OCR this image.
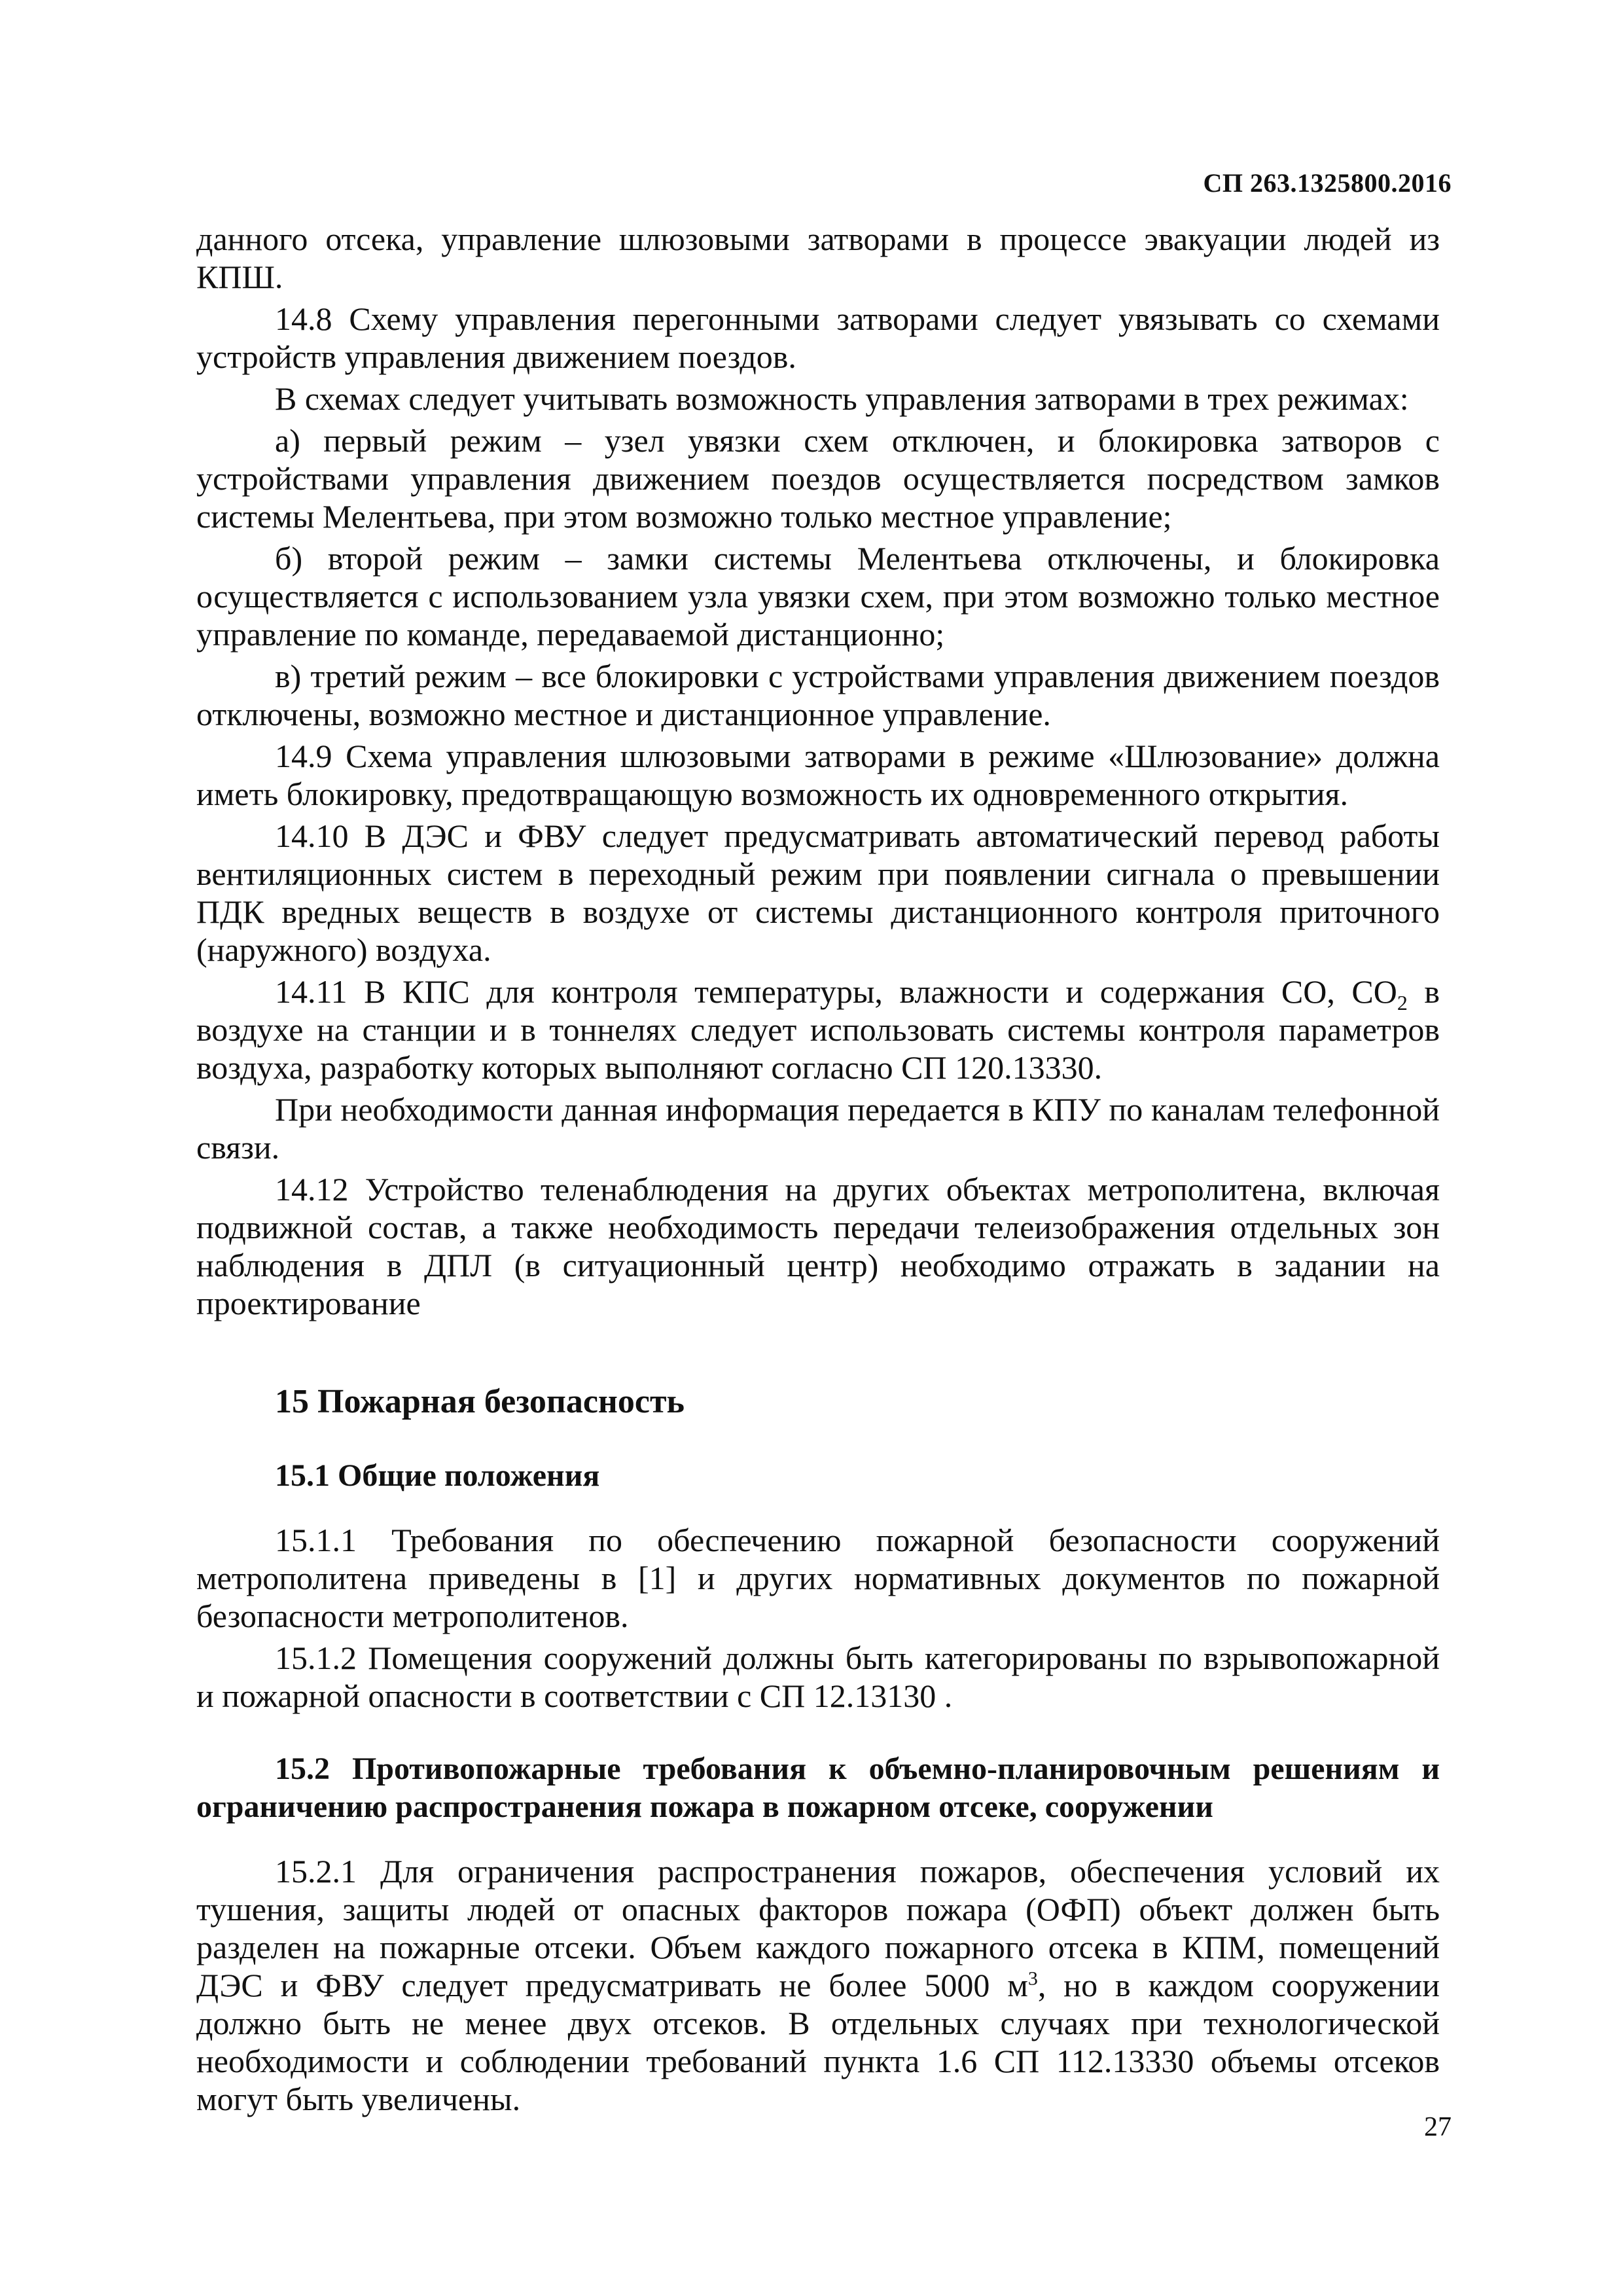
СП 263.1325800.2016

данного отсека, управление шлюзовыми затворами в процессе эвакуации людей из КПШ.

14.8 Схему управления перегонными затворами следует увязывать со схемами устройств управления движением поездов.

В схемах следует учитывать возможность управления затворами в трех режимах:

а) первый режим – узел увязки схем отключен, и блокировка затворов с устройствами управления движением поездов осуществляется посредством замков системы Мелентьева, при этом возможно только местное управление;

б) второй режим – замки системы Мелентьева отключены, и блокировка осуществляется с использованием узла увязки схем, при этом возможно только местное управление по команде, передаваемой дистанционно;

в) третий режим – все блокировки с устройствами управления движением поездов отключены, возможно местное и дистанционное управление.

14.9 Схема управления шлюзовыми затворами в режиме «Шлюзование» должна иметь блокировку, предотвращающую возможность их одновременного открытия.

14.10 В ДЭС и ФВУ следует предусматривать автоматический перевод работы вентиляционных систем в переходный режим при появлении сигнала о превышении ПДК вредных веществ в воздухе от системы дистанционного контроля приточного (наружного) воздуха.

14.11 В КПС для контроля температуры, влажности и содержания СО, $СО_2$ в воздухе на станции и в тоннелях следует использовать системы контроля параметров воздуха, разработку которых выполняют согласно СП 120.13330.

При необходимости данная информация передается в КПУ по каналам телефонной связи.

14.12 Устройство теленаблюдения на других объектах метрополитена, включая подвижной состав, а также необходимость передачи телеизображения отдельных зон наблюдения в ДПЛ (в ситуационный центр) необходимо отражать в задании на проектирование

15 Пожарная безопасность
15.1 Общие положения

15.1.1 Требования по обеспечению пожарной безопасности сооружений метрополитена приведены в [1] и других нормативных документов по пожарной безопасности метрополитенов.

15.1.2 Помещения сооружений должны быть категорированы по взрывопожарной и пожарной опасности в соответствии с СП 12.13130 .

15.2 Противопожарные требования к объемно-планировочным решениям и ограничению распространения пожара в пожарном отсеке, сооружении

15.2.1 Для ограничения распространения пожаров, обеспечения условий их тушения, защиты людей от опасных факторов пожара (ОФП) объект должен быть разделен на пожарные отсеки. Объем каждого пожарного отсека в КПМ, помещений ДЭС и ФВУ следует предусматривать не более 5000 $м^3$, но в каждом сооружении должно быть не менее двух отсеков. В отдельных случаях при технологической необходимости и соблюдении требований пункта 1.6 СП 112.13330 объемы отсеков могут быть увеличены.

27
